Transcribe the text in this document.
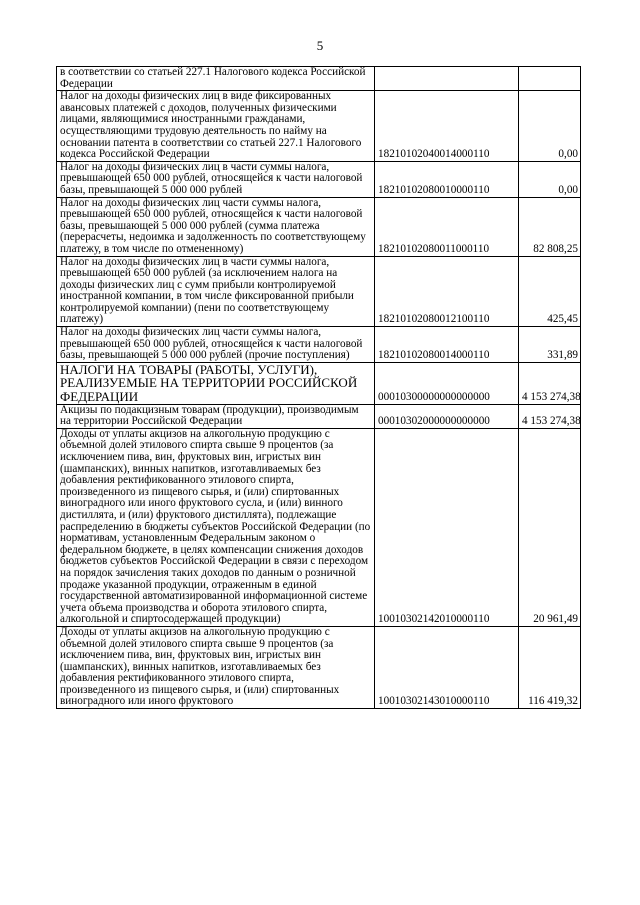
5
в соответствии со статьей 227.1 Налогового кодекса Российской Федерации		
Налог на доходы физических лиц в виде фиксированных авансовых платежей с доходов, полученных физическими лицами, являющимися иностранными гражданами, осуществляющими трудовую деятельность по найму на основании патента в соответствии со статьей 227.1 Налогового кодекса Российской Федерации	18210102040014000110	0,00
Налог на доходы физических лиц в части суммы налога, превышающей 650 000 рублей, относящейся к части налоговой базы, превышающей 5 000 000 рублей	18210102080010000110	0,00
Налог на доходы физических лиц части суммы налога, превышающей 650 000 рублей, относящейся к части налоговой базы, превышающей 5 000 000 рублей (сумма платежа (перерасчеты, недоимка и задолженность по соответствующему платежу, в том числе по отмененному)	18210102080011000110	82 808,25
Налог на доходы физических лиц в части суммы налога, превышающей 650 000 рублей (за исключением налога на доходы физических лиц с сумм прибыли контролируемой иностранной компании, в том числе фиксированной прибыли контролируемой компании) (пени по соответствующему платежу)	18210102080012100110	425,45
Налог на доходы физических лиц части суммы налога, превышающей 650 000 рублей, относящейся к части налоговой базы, превышающей 5 000 000 рублей (прочие поступления)	18210102080014000110	331,89
НАЛОГИ НА ТОВАРЫ (РАБОТЫ, УСЛУГИ), РЕАЛИЗУЕМЫЕ НА ТЕРРИТОРИИ РОССИЙСКОЙ ФЕДЕРАЦИИ	00010300000000000000	4 153 274,38
Акцизы по подакцизным товарам (продукции), производимым на территории Российской Федерации	00010302000000000000	4 153 274,38
Доходы от уплаты акцизов на алкогольную продукцию с объемной долей этилового спирта свыше 9 процентов (за исключением пива, вин, фруктовых вин, игристых вин (шампанских), винных напитков, изготавливаемых без добавления ректификованного этилового спирта, произведенного из пищевого сырья, и (или) спиртованных виноградного или иного фруктового сусла, и (или) винного дистиллята, и (или) фруктового дистиллята), подлежащие распределению в бюджеты субъектов Российской Федерации (по нормативам, установленным Федеральным законом о федеральном бюджете, в целях компенсации снижения доходов бюджетов субъектов Российской Федерации в связи с переходом на порядок зачисления таких доходов по данным о розничной продаже указанной продукции, отраженным в единой государственной автоматизированной информационной системе учета объема производства и оборота этилового спирта, алкогольной и спиртосодержащей продукции)	10010302142010000110	20 961,49
Доходы от уплаты акцизов на алкогольную продукцию с объемной долей этилового спирта свыше 9 процентов (за исключением пива, вин, фруктовых вин, игристых вин (шампанских), винных напитков, изготавливаемых без добавления ректификованного этилового спирта, произведенного из пищевого сырья, и (или) спиртованных виноградного или иного фруктового	10010302143010000110	116 419,32
